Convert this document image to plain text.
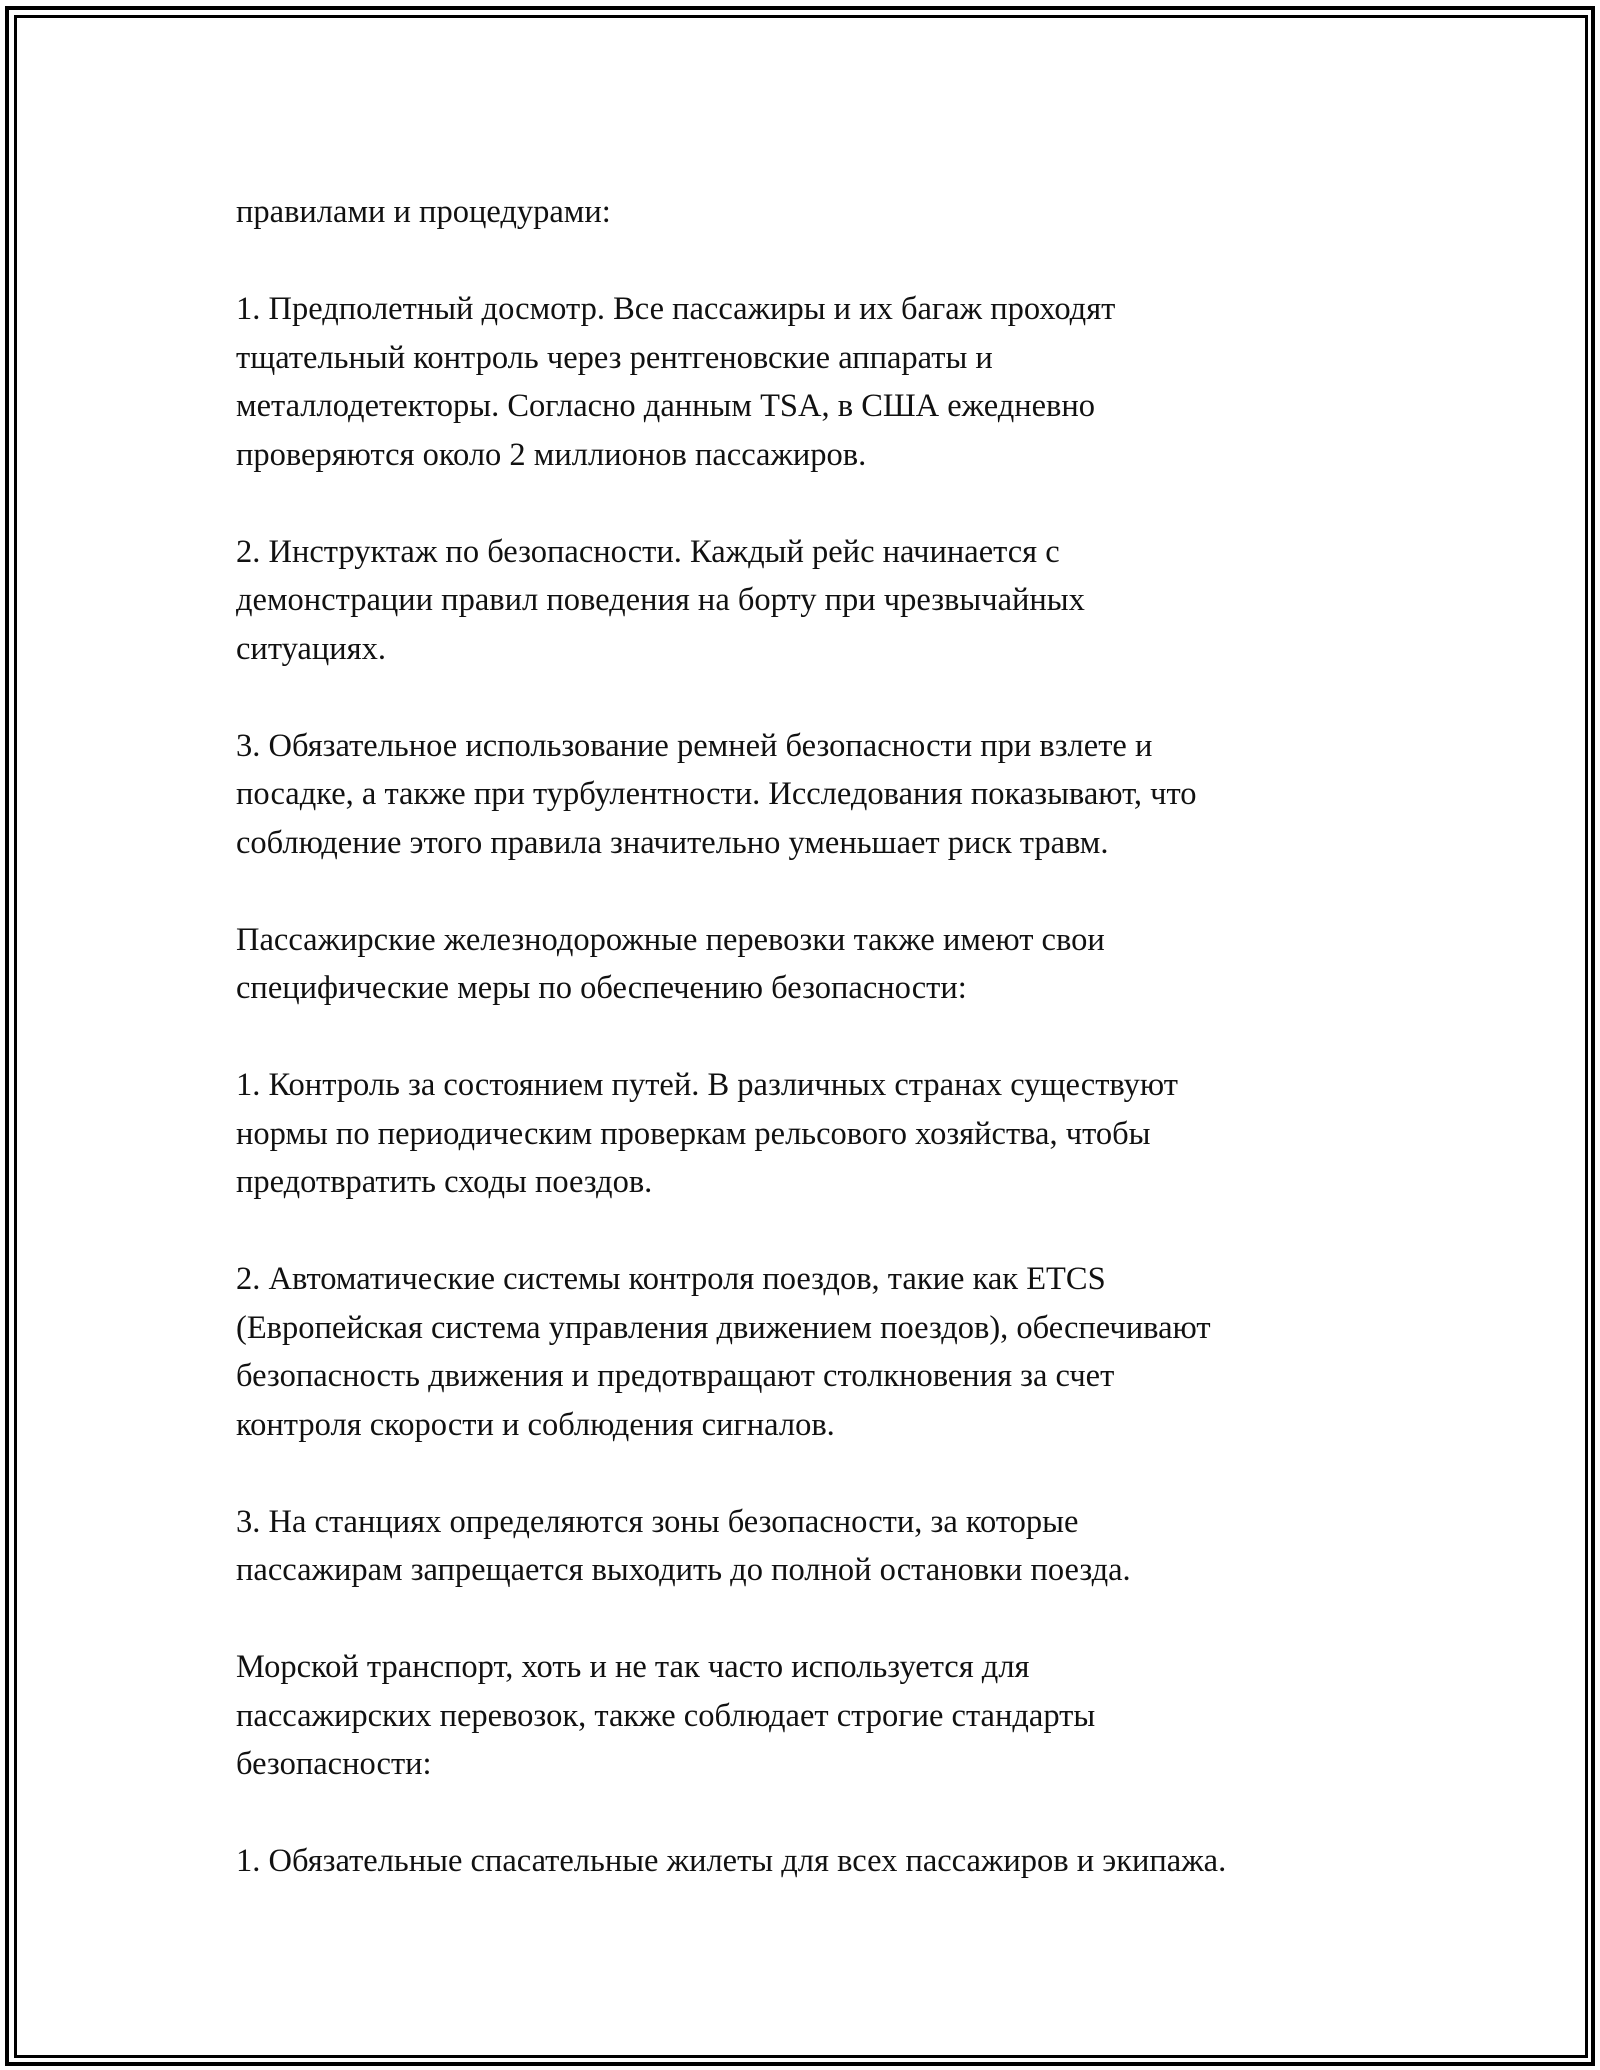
правилами и процедурами:
1. Предполетный досмотр. Все пассажиры и их багаж проходят
тщательный контроль через рентгеновские аппараты и
металлодетекторы. Согласно данным TSA, в США ежедневно
проверяются около 2 миллионов пассажиров.
2. Инструктаж по безопасности. Каждый рейс начинается с
демонстрации правил поведения на борту при чрезвычайных
ситуациях.
3. Обязательное использование ремней безопасности при взлете и
посадке, а также при турбулентности. Исследования показывают, что
соблюдение этого правила значительно уменьшает риск травм.
Пассажирские железнодорожные перевозки также имеют свои
специфические меры по обеспечению безопасности:
1. Контроль за состоянием путей. В различных странах существуют
нормы по периодическим проверкам рельсового хозяйства, чтобы
предотвратить сходы поездов.
2. Автоматические системы контроля поездов, такие как ETCS
(Европейская система управления движением поездов), обеспечивают
безопасность движения и предотвращают столкновения за счет
контроля скорости и соблюдения сигналов.
3. На станциях определяются зоны безопасности, за которые
пассажирам запрещается выходить до полной остановки поезда.
Морской транспорт, хоть и не так часто используется для
пассажирских перевозок, также соблюдает строгие стандарты
безопасности:
1. Обязательные спасательные жилеты для всех пассажиров и экипажа.
